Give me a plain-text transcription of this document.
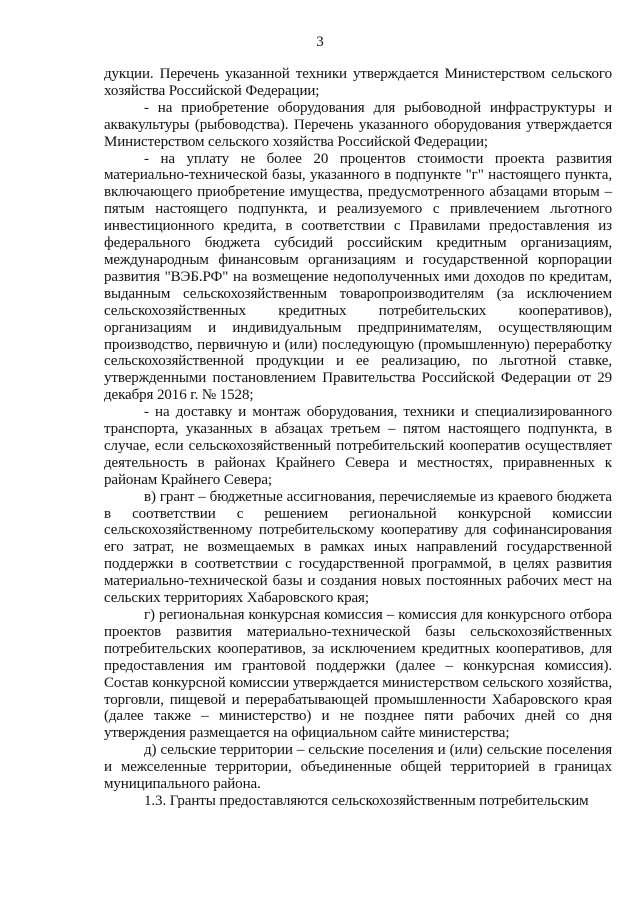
3

дукции. Перечень указанной техники утверждается Министерством сельского хозяйства Российской Федерации;

- на приобретение оборудования для рыбоводной инфраструктуры и аквакультуры (рыбоводства). Перечень указанного оборудования утверждается Министерством сельского хозяйства Российской Федерации;

- на уплату не более 20 процентов стоимости проекта развития материально-технической базы, указанного в подпункте "г" настоящего пункта, включающего приобретение имущества, предусмотренного абзацами вторым – пятым настоящего подпункта, и реализуемого с привлечением льготного инвестиционного кредита, в соответствии с Правилами предоставления из федерального бюджета субсидий российским кредитным организациям, международным финансовым организациям и государственной корпорации развития "ВЭБ.РФ" на возмещение недополученных ими доходов по кредитам, выданным сельскохозяйственным товаропроизводителям (за исключением сельскохозяйственных кредитных потребительских кооперативов), организациям и индивидуальным предпринимателям, осуществляющим производство, первичную и (или) последующую (промышленную) переработку сельскохозяйственной продукции и ее реализацию, по льготной ставке, утвержденными постановлением Правительства Российской Федерации от 29 декабря 2016 г. № 1528;

- на доставку и монтаж оборудования, техники и специализированного транспорта, указанных в абзацах третьем – пятом настоящего подпункта, в случае, если сельскохозяйственный потребительский кооператив осуществляет деятельность в районах Крайнего Севера и местностях, приравненных к районам Крайнего Севера;

в) грант – бюджетные ассигнования, перечисляемые из краевого бюджета в соответствии с решением региональной конкурсной комиссии сельскохозяйственному потребительскому кооперативу для софинансирования его затрат, не возмещаемых в рамках иных направлений государственной поддержки в соответствии с государственной программой, в целях развития материально-технической базы и создания новых постоянных рабочих мест на сельских территориях Хабаровского края;

г) региональная конкурсная комиссия – комиссия для конкурсного отбора проектов развития материально-технической базы сельскохозяйственных потребительских кооперативов, за исключением кредитных кооперативов, для предоставления им грантовой поддержки (далее – конкурсная комиссия). Состав конкурсной комиссии утверждается министерством сельского хозяйства, торговли, пищевой и перерабатывающей промышленности Хабаровского края (далее также – министерство) и не позднее пяти рабочих дней со дня утверждения размещается на официальном сайте министерства;

д) сельские территории – сельские поселения и (или) сельские поселения и межселенные территории, объединенные общей территорией в границах муниципального района.

1.3. Гранты предоставляются сельскохозяйственным потребительским
